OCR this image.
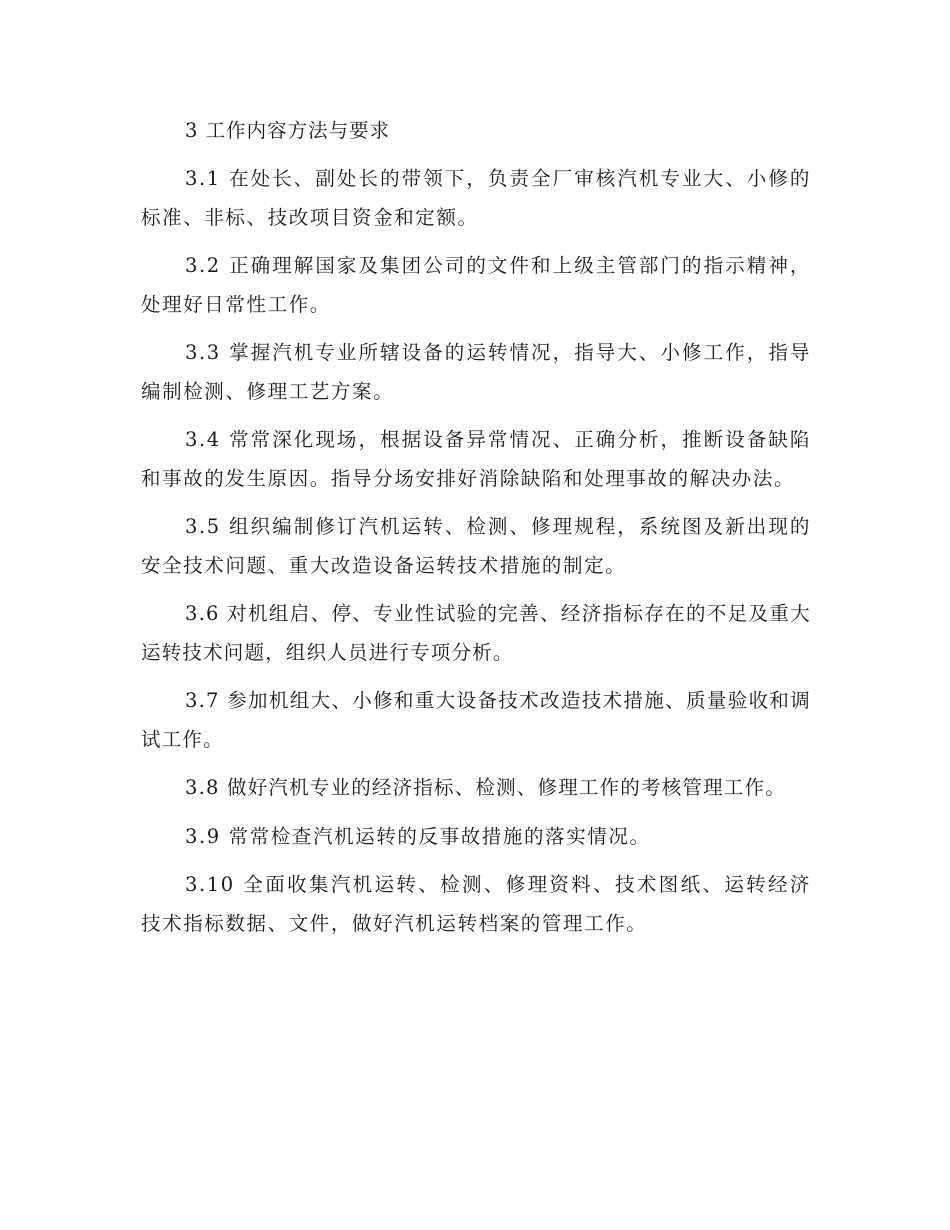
3 工作内容方法与要求

3.1 在处长、副处长的带领下，负责全厂审核汽机专业大、小修的标准、非标、技改项目资金和定额。

3.2 正确理解国家及集团公司的文件和上级主管部门的指示精神，处理好日常性工作。

3.3 掌握汽机专业所辖设备的运转情况，指导大、小修工作，指导编制检测、修理工艺方案。

3.4 常常深化现场，根据设备异常情况、正确分析，推断设备缺陷和事故的发生原因。指导分场安排好消除缺陷和处理事故的解决办法。

3.5 组织编制修订汽机运转、检测、修理规程，系统图及新出现的安全技术问题、重大改造设备运转技术措施的制定。

3.6 对机组启、停、专业性试验的完善、经济指标存在的不足及重大运转技术问题，组织人员进行专项分析。

3.7 参加机组大、小修和重大设备技术改造技术措施、质量验收和调试工作。

3.8 做好汽机专业的经济指标、检测、修理工作的考核管理工作。

3.9 常常检查汽机运转的反事故措施的落实情况。

3.10 全面收集汽机运转、检测、修理资料、技术图纸、运转经济技术指标数据、文件，做好汽机运转档案的管理工作。
